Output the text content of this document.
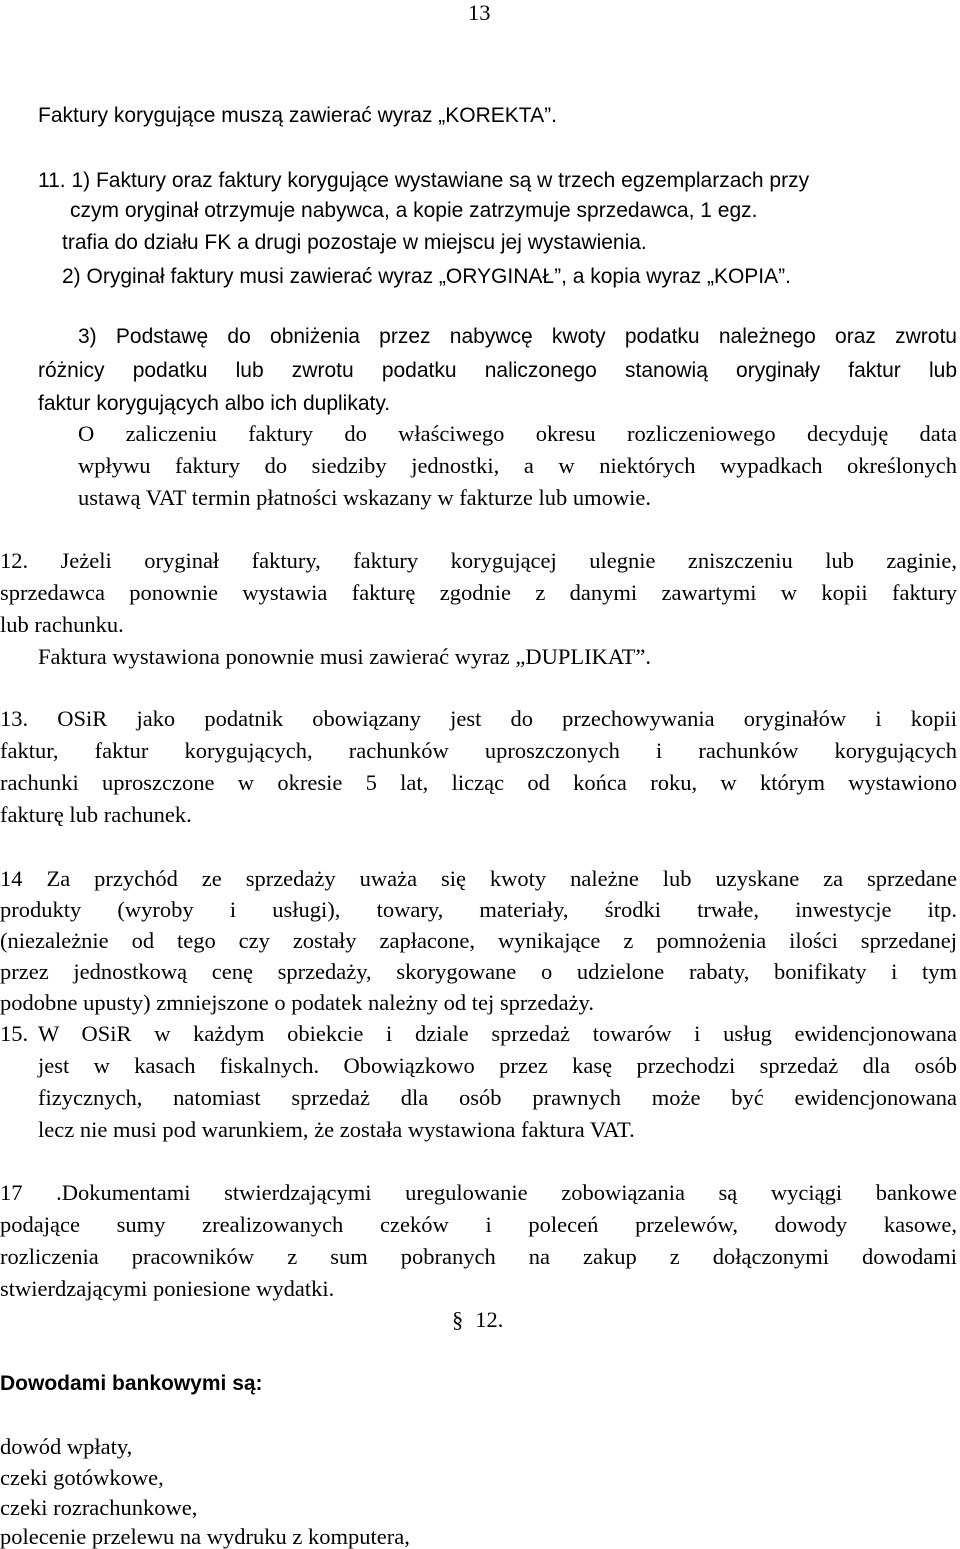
13
Faktury korygujące muszą zawierać wyraz „KOREKTA”.
11. 1) Faktury oraz faktury korygujące wystawiane są w trzech egzemplarzach przy
czym oryginał otrzymuje nabywca, a kopie zatrzymuje sprzedawca, 1 egz.
trafia do działu FK a drugi pozostaje w miejscu jej wystawienia.
2) Oryginał faktury musi zawierać wyraz „ORYGINAŁ”, a kopia wyraz „KOPIA”.
3) Podstawę do obniżenia przez nabywcę kwoty podatku należnego oraz zwrotu
różnicy podatku lub zwrotu podatku naliczonego stanowią oryginały faktur lub
faktur korygujących albo ich duplikaty.
O zaliczeniu faktury do właściwego okresu rozliczeniowego decyduję data
wpływu faktury do siedziby jednostki, a w niektórych wypadkach określonych
ustawą VAT termin płatności wskazany w fakturze lub umowie.
12. Jeżeli oryginał faktury, faktury korygującej ulegnie zniszczeniu lub zaginie,
sprzedawca ponownie wystawia fakturę zgodnie z danymi zawartymi w kopii faktury
lub rachunku.
Faktura wystawiona ponownie musi zawierać wyraz „DUPLIKAT”.
13. OSiR jako podatnik obowiązany jest do przechowywania oryginałów i kopii
faktur, faktur korygujących, rachunków uproszczonych i rachunków korygujących
rachunki uproszczone w okresie 5 lat, licząc od końca roku, w którym wystawiono
fakturę lub rachunek.
14 Za przychód ze sprzedaży uważa się kwoty należne lub uzyskane za sprzedane
produkty (wyroby i usługi), towary, materiały, środki trwałe, inwestycje itp.
(niezależnie od tego czy zostały zapłacone, wynikające z pomnożenia ilości sprzedanej
przez jednostkową cenę sprzedaży, skorygowane o udzielone rabaty, bonifikaty i tym
podobne upusty) zmniejszone o podatek należny od tej sprzedaży.
15. W OSiR w każdym obiekcie i dziale sprzedaż towarów i usług ewidencjonowana
jest w kasach fiskalnych. Obowiązkowo przez kasę przechodzi sprzedaż dla osób
fizycznych, natomiast sprzedaż dla osób prawnych może być ewidencjonowana
lecz nie musi pod warunkiem, że została wystawiona faktura VAT.
17 .Dokumentami stwierdzającymi uregulowanie zobowiązania są wyciągi bankowe
podające sumy zrealizowanych czeków i poleceń przelewów, dowody kasowe,
rozliczenia pracowników z sum pobranych na zakup z dołączonymi dowodami
stwierdzającymi poniesione wydatki.
§ 12.
Dowodami bankowymi są:
dowód wpłaty,
czeki gotówkowe,
czeki rozrachunkowe,
polecenie przelewu na wydruku z komputera,
